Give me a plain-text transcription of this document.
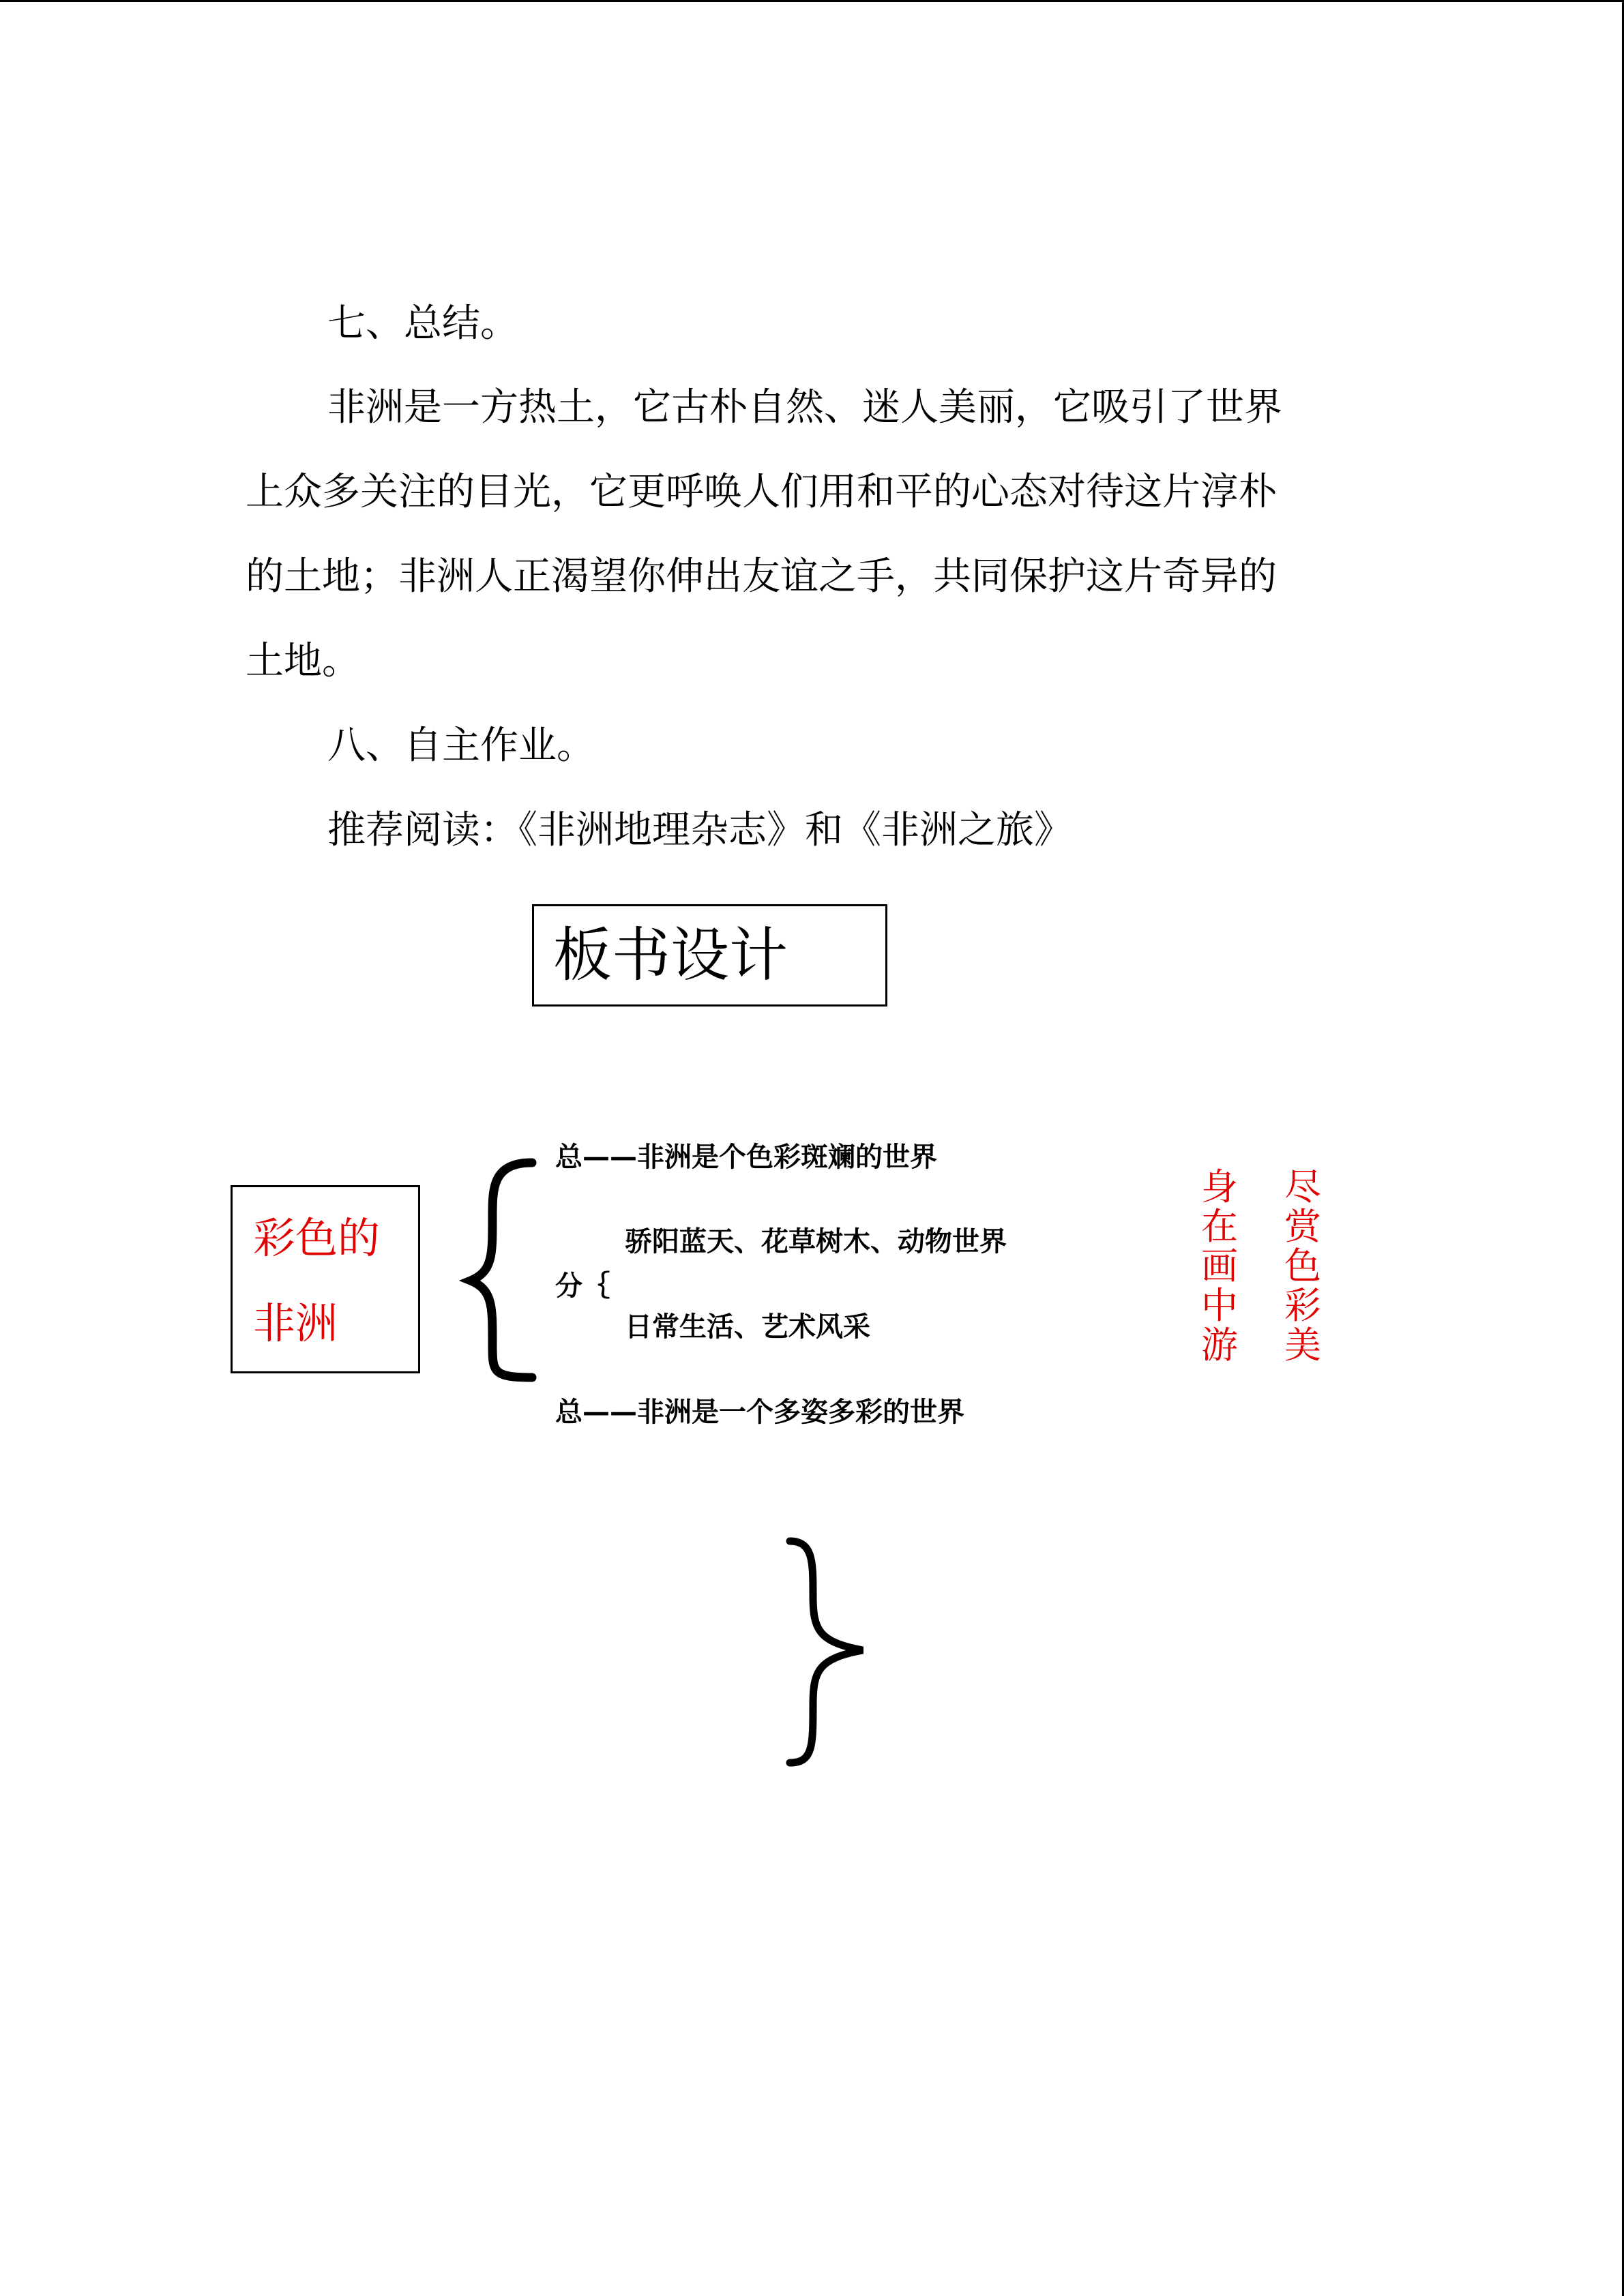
七、总结。
非洲是一方热土，它古朴自然、迷人美丽，它吸引了世界
上众多关注的目光，它更呼唤人们用和平的心态对待这片淳朴
的土地；非洲人正渴望你伸出友谊之手，共同保护这片奇异的
土地。
八、自主作业。
推荐阅读：《非洲地理杂志》和《非洲之旅》
板书设计
彩色的
非洲
总——非洲是个色彩斑斓的世界
骄阳蓝天、花草树木、动物世界
分｛
日常生活、艺术风采
总——非洲是一个多姿多彩的世界
身在画中游
尽赏色彩美
